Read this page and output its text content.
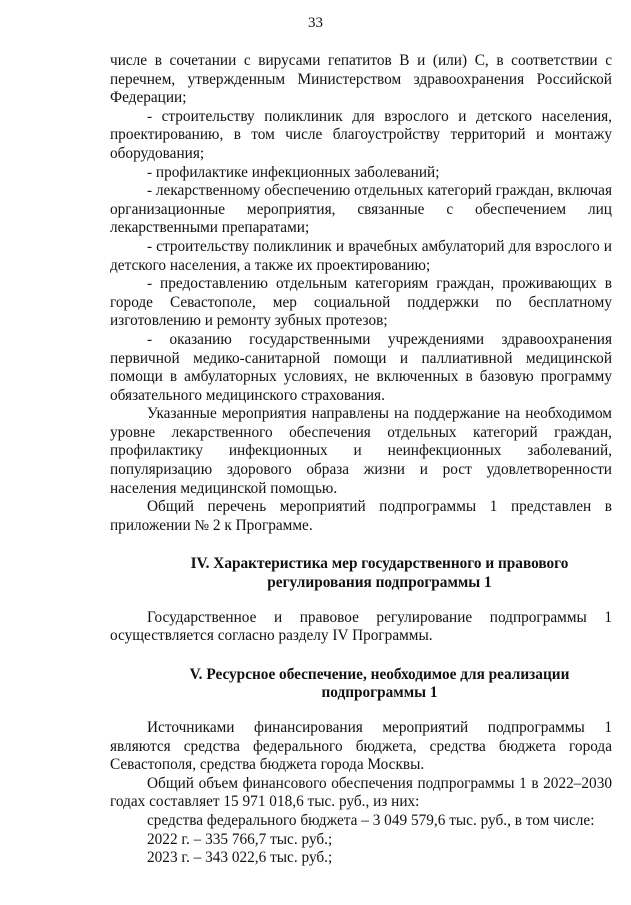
33

числе в сочетании с вирусами гепатитов В и (или) С, в соответствии с перечнем, утвержденным Министерством здравоохранения Российской Федерации;

- строительству поликлиник для взрослого и детского населения, проектированию, в том числе благоустройству территорий и монтажу оборудования;

- профилактике инфекционных заболеваний;

- лекарственному обеспечению отдельных категорий граждан, включая организационные мероприятия, связанные с обеспечением лиц лекарственными препаратами;

- строительству поликлиник и врачебных амбулаторий для взрослого и детского населения, а также их проектированию;

- предоставлению отдельным категориям граждан, проживающих в городе Севастополе, мер социальной поддержки по бесплатному изготовлению и ремонту зубных протезов;

- оказанию государственными учреждениями здравоохранения первичной медико-санитарной помощи и паллиативной медицинской помощи в амбулаторных условиях, не включенных в базовую программу обязательного медицинского страхования.

Указанные мероприятия направлены на поддержание на необходимом уровне лекарственного обеспечения отдельных категорий граждан, профилактику инфекционных и неинфекционных заболеваний, популяризацию здорового образа жизни и рост удовлетворенности населения медицинской помощью.

Общий перечень мероприятий подпрограммы 1 представлен в приложении № 2 к Программе.

IV. Характеристика мер государственного и правового
регулирования подпрограммы 1

Государственное и правовое регулирование подпрограммы 1 осуществляется согласно разделу IV Программы.

V. Ресурсное обеспечение, необходимое для реализации
подпрограммы 1

Источниками финансирования мероприятий подпрограммы 1 являются средства федерального бюджета, средства бюджета города Севастополя, средства бюджета города Москвы.

Общий объем финансового обеспечения подпрограммы 1 в 2022–2030 годах составляет 15 971 018,6 тыс. руб., из них:

средства федерального бюджета – 3 049 579,6 тыс. руб., в том числе:

2022 г. – 335 766,7 тыс. руб.;

2023 г. – 343 022,6 тыс. руб.;
